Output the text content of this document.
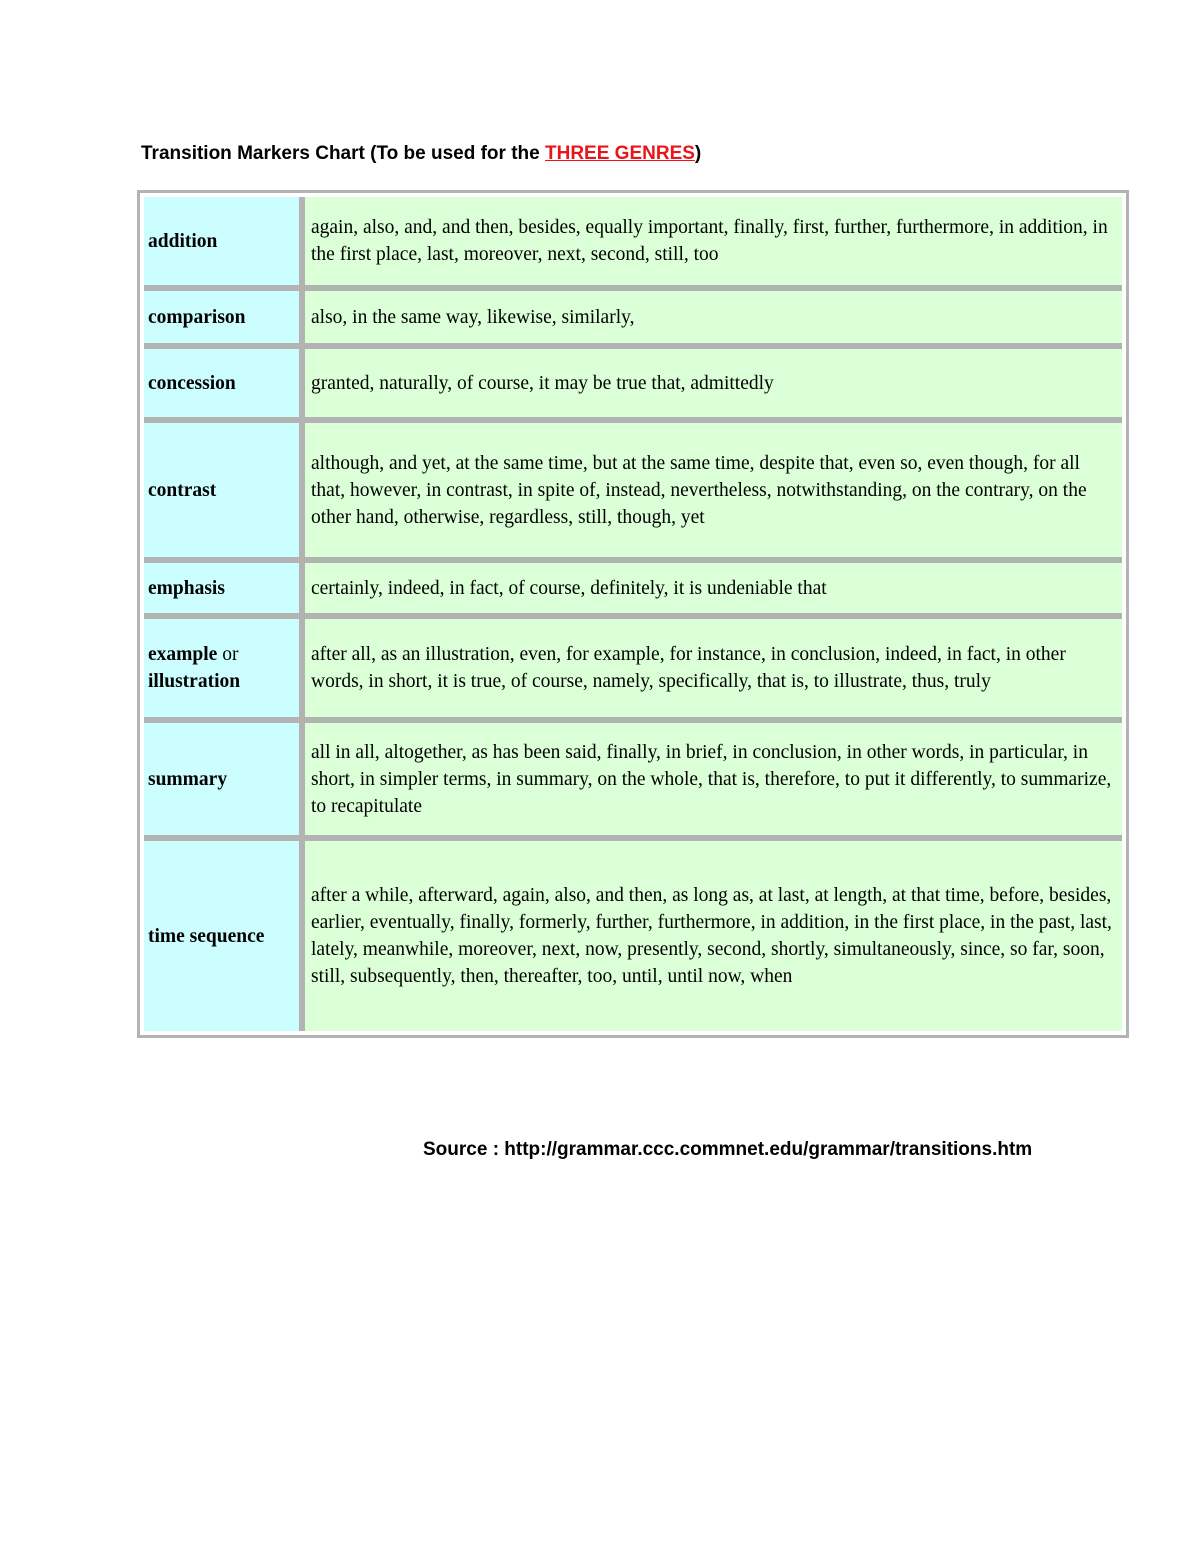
Transition Markers Chart (To be used for the THREE GENRES)
addition	again, also, and, and then, besides, equally important, finally, first, further, furthermore, in addition, in the first place, last, moreover, next, second, still, too
comparison	also, in the same way, likewise, similarly,
concession	granted, naturally, of course, it may be true that, admittedly
contrast	although, and yet, at the same time, but at the same time, despite that, even so, even though, for all that, however, in contrast, in spite of, instead, nevertheless, notwithstanding, on the contrary, on the other hand, otherwise, regardless, still, though, yet
emphasis	certainly, indeed, in fact, of course, definitely, it is undeniable that
example or
illustration	after all, as an illustration, even, for example, for instance, in conclusion, indeed, in fact, in other words, in short, it is true, of course, namely, specifically, that is, to illustrate, thus, truly
summary	all in all, altogether, as has been said, finally, in brief, in conclusion, in other words, in particular, in short, in simpler terms, in summary, on the whole, that is, therefore, to put it differently, to summarize, to recapitulate
time sequence	after a while, afterward, again, also, and then, as long as, at last, at length, at that time, before, besides, earlier, eventually, finally, formerly, further, furthermore, in addition, in the first place, in the past, last, lately, meanwhile, moreover, next, now, presently, second, shortly, simultaneously, since, so far, soon, still, subsequently, then, thereafter, too, until, until now, when
Source : http://grammar.ccc.commnet.edu/grammar/transitions.htm
